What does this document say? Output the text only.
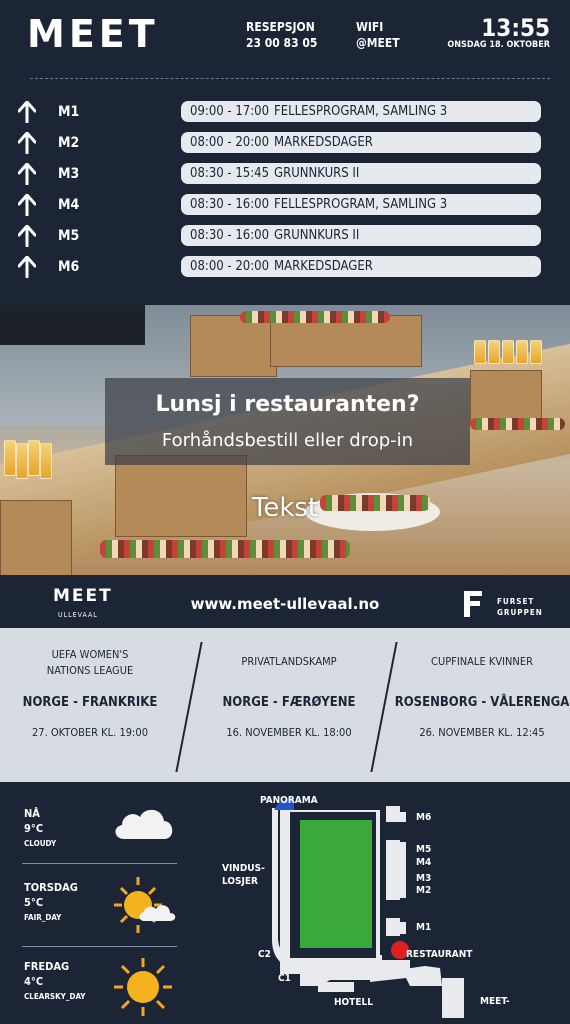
MEET	RESEPSJON
23 00 83 05
WIFI
@MEET
13:55
ONSDAG 18. OKTOBER
M1	09:00 - 17:00 FELLESPROGRAM, SAMLING 3
M2	08:00 - 20:00 MARKEDSDAGER
M3	08:30 - 15:45 GRUNNKURS II
M4	08:30 - 16:00 FELLESPROGRAM, SAMLING 3
M5	08:30 - 16:00 GRUNNKURS II
M6	08:00 - 20:00 MARKEDSDAGER
Lunsj i restauranten?
Forhåndsbestill eller drop-in
Tekst
MEET
ULLEVAAL
www.meet-ullevaal.no	FURSET
GRUPPEN
UEFA WOMEN'S
NATIONS LEAGUE
NORGE - FRANKRIKE
27. OKTOBER KL. 19:00
PRIVATLANDSKAMP
NORGE - FÆRØYENE
16. NOVEMBER KL. 18:00
CUPFINALE KVINNER
ROSENBORG - VÅLERENGA
26. NOVEMBER KL. 12:45
NÅ
9°C
CLOUDY
TORSDAG
5°C
FAIR_DAY
FREDAG
4°C
CLEARSKY_DAY
PANORAMA
VINDUS-
LOSJER
C2
C1
HOTELL
RESTAURANT
MEET-
M6
M5
M4
M3
M2
M1
